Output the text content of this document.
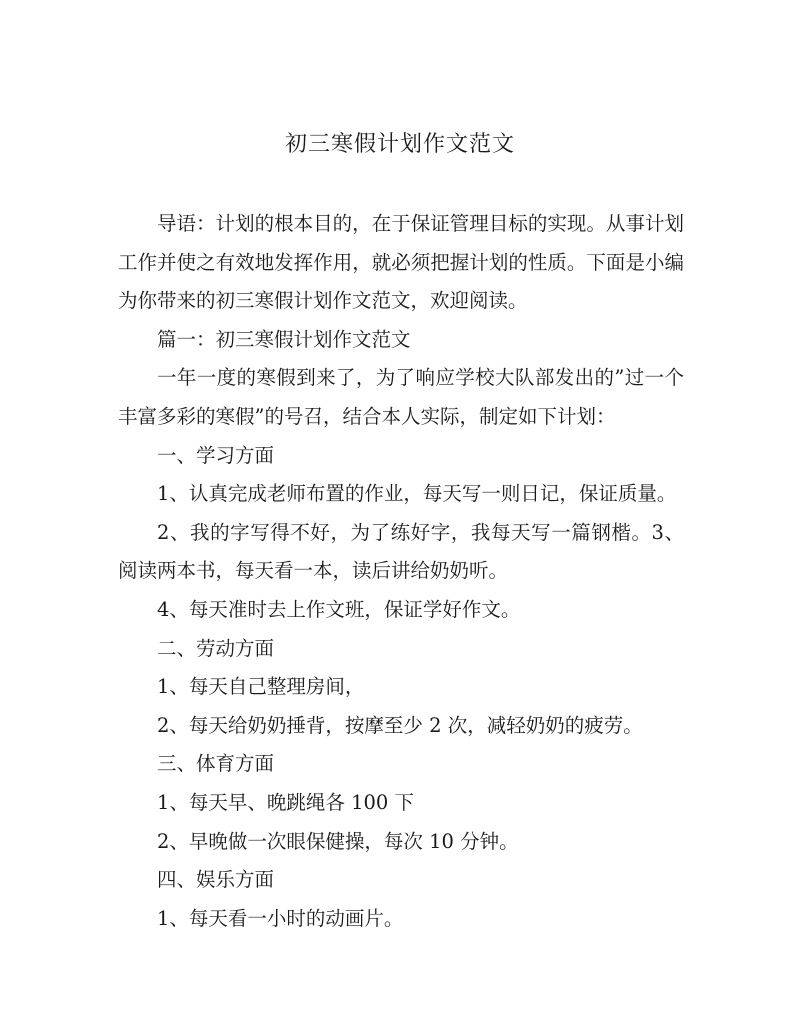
初三寒假计划作文范文

导语：计划的根本目的，在于保证管理目标的实现。从事计划工作并使之有效地发挥作用，就必须把握计划的性质。下面是小编为你带来的初三寒假计划作文范文，欢迎阅读。

篇一：初三寒假计划作文范文

一年一度的寒假到来了，为了响应学校大队部发出的”过一个丰富多彩的寒假”的号召，结合本人实际，制定如下计划：

一、学习方面

1、认真完成老师布置的作业，每天写一则日记，保证质量。

2、我的字写得不好，为了练好字，我每天写一篇钢楷。3、阅读两本书，每天看一本，读后讲给奶奶听。

4、每天准时去上作文班，保证学好作文。

二、劳动方面

1、每天自己整理房间，

2、每天给奶奶捶背，按摩至少 2 次，减轻奶奶的疲劳。

三、体育方面

1、每天早、晚跳绳各 100 下

2、早晚做一次眼保健操，每次 10 分钟。

四、娱乐方面

1、每天看一小时的动画片。
